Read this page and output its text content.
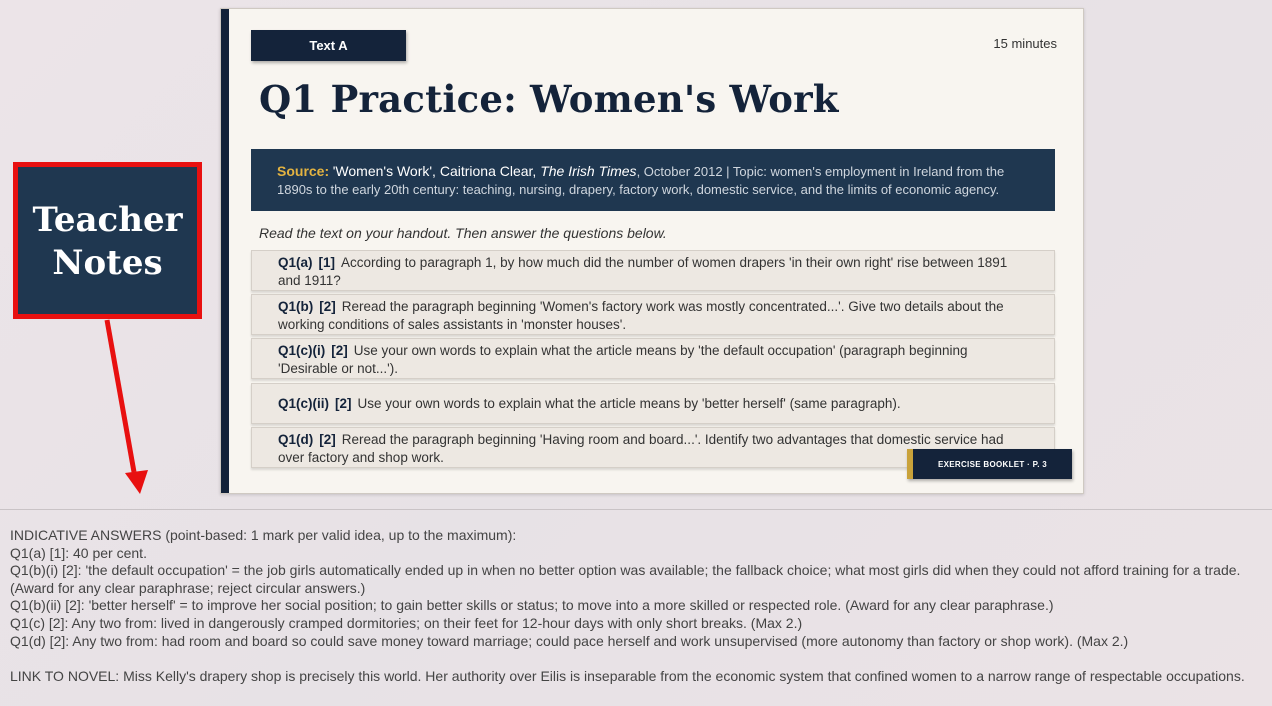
Text A	15 minutes
Q1 Practice: Women's Work
Source: 'Women's Work', Caitriona Clear, The Irish Times, October 2012 | Topic: women's employment in Ireland from the 1890s to the early 20th century: teaching, nursing, drapery, factory work, domestic service, and the limits of economic agency.
Read the text on your handout. Then answer the questions below.
Q1(a) [1] According to paragraph 1, by how much did the number of women drapers 'in their own right' rise between 1891 and 1911?
Q1(b) [2] Reread the paragraph beginning 'Women's factory work was mostly concentrated...'. Give two details about the working conditions of sales assistants in 'monster houses'.
Q1(c)(i) [2] Use your own words to explain what the article means by 'the default occupation' (paragraph beginning 'Desirable or not...').
Q1(c)(ii) [2] Use your own words to explain what the article means by 'better herself' (same paragraph).
Q1(d) [2] Reread the paragraph beginning 'Having room and board...'. Identify two advantages that domestic service had over factory and shop work.	EXERCISE BOOKLET · P. 3
Teacher
Notes

INDICATIVE ANSWERS (point-based: 1 mark per valid idea, up to the maximum):

Q1(a) [1]: 40 per cent.

Q1(b)(i) [2]: 'the default occupation' = the job girls automatically ended up in when no better option was available; the fallback choice; what most girls did when they could not afford training for a trade. (Award for any clear paraphrase; reject circular answers.)

Q1(b)(ii) [2]: 'better herself' = to improve her social position; to gain better skills or status; to move into a more skilled or respected role. (Award for any clear paraphrase.)

Q1(c) [2]: Any two from: lived in dangerously cramped dormitories; on their feet for 12-hour days with only short breaks. (Max 2.)

Q1(d) [2]: Any two from: had room and board so could save money toward marriage; could pace herself and work unsupervised (more autonomy than factory or shop work). (Max 2.)

LINK TO NOVEL: Miss Kelly's drapery shop is precisely this world. Her authority over Eilis is inseparable from the economic system that confined women to a narrow range of respectable occupations.
